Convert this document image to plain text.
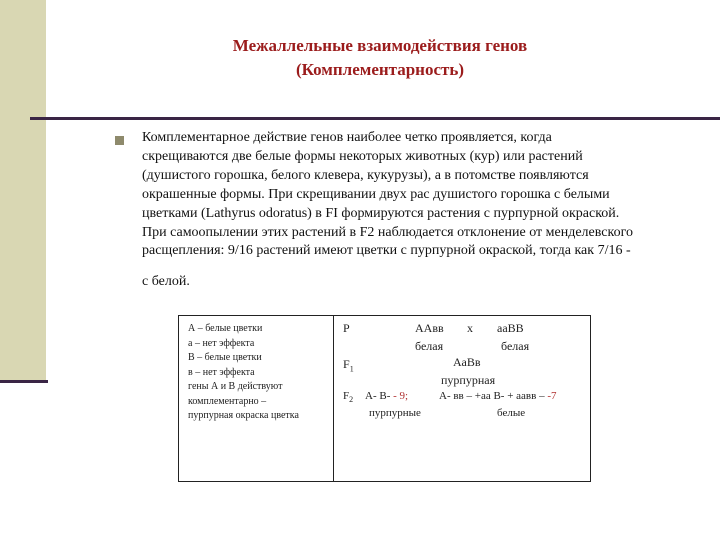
Межаллельные взаимодействия генов
(Комплементарность)
Комплементарное действие генов наиболее четко проявляется, когда
скрещиваются две белые формы некоторых животных (кур) или растений
(душистого горошка, белого клевера, кукурузы), а в потомстве появляются
окрашенные формы. При скрещивании двух рас душистого горошка с белыми
цветками (Lathyrus odoratus) в FI формируются растения с пурпурной окраской.
При самоопылении этих растений в F2 наблюдается отклонение от менделевского
расщепления: 9/16 растений имеют цветки с пурпурной окраской, тогда как 7/16 -
с белой.
А – белые цветки
а – нет эффекта
В – белые цветки
в – нет эффекта
гены А и В действуют
комплементарно –
пурпурная окраска цветка
Р	ААвв х ааВВ
белая	белая
$F_1$	АаВв
пурпурная
$F_2$ А- В- - 9;	А- вв – +аа В- + аавв – -7
пурпурные	белые
